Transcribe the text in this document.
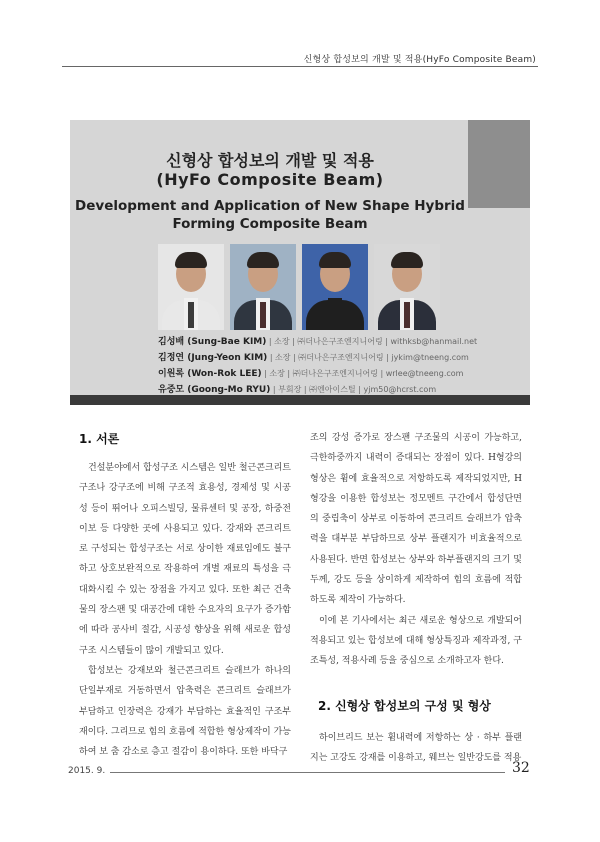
신형상 합성보의 개발 및 적용(HyFo Composite Beam)
신형상 합성보의 개발 및 적용
(HyFo Composite Beam)
Development and Application of New Shape Hybrid
Forming Composite Beam
김성배 (Sung-Bae KIM) | 소장 | ㈜더나은구조엔지니어링 | withksb@hanmail.net
김정연 (Jung-Yeon KIM) | 소장 | ㈜더나은구조엔지니어링 | jykim@tneeng.com
이원록 (Won-Rok LEE) | 소장 | ㈜더나은구조엔지니어링 | wrlee@tneeng.com
유중모 (Goong-Mo RYU) | 부회장 | ㈜엔아이스틸 | yjm50@hcrst.com
1. 서론

건설분야에서 합성구조 시스템은 일반 철근콘크리트 구조나 강구조에 비해 구조적 효용성, 경제성 및 시공성 등이 뛰어나 오피스빌딩, 물류센터 및 공장, 하중전이보 등 다양한 곳에 사용되고 있다. 강재와 콘크리트로 구성되는 합성구조는 서로 상이한 재료임에도 불구하고 상호보완적으로 작용하여 개별 재료의 특성을 극대화시킬 수 있는 장점을 가지고 있다. 또한 최근 건축물의 장스팬 및 대공간에 대한 수요자의 요구가 증가함에 따라 공사비 절감, 시공성 향상을 위해 새로운 합성구조 시스템들이 많이 개발되고 있다.

합성보는 강재보와 철근콘크리트 슬래브가 하나의 단일부재로 거동하면서 압축력은 콘크리트 슬래브가 부담하고 인장력은 강재가 부담하는 효율적인 구조부재이다. 그리므로 힘의 흐름에 적합한 형상제작이 가능하여 보 춤 감소로 층고 절감이 용이하다. 또한 바닥구

조의 강성 증가로 장스팬 구조물의 시공이 가능하고, 극한하중까지 내력이 증대되는 장점이 있다. H형강의 형상은 휨에 효율적으로 저항하도록 제작되었지만, H형강을 이용한 합성보는 정모멘트 구간에서 합성단면의 중립축이 상부로 이동하여 콘크리트 슬래브가 압축력을 대부분 부담하므로 상부 플랜지가 비효율적으로 사용된다. 반면 합성보는 상부와 하부플랜지의 크기 및 두께, 강도 등을 상이하게 제작하여 힘의 흐름에 적합하도록 제작이 가능하다.

이에 본 기사에서는 최근 새로운 형상으로 개발되어 적용되고 있는 합성보에 대해 형상특징과 제작과정, 구조특성, 적용사례 등을 중심으로 소개하고자 한다.

2. 신형상 합성보의 구성 및 형상

하이브리드 보는 휨내력에 저항하는 상 · 하부 플랜지는 고강도 강재를 이용하고, 웨브는 일반강도를 적용

2015. 9.	32
